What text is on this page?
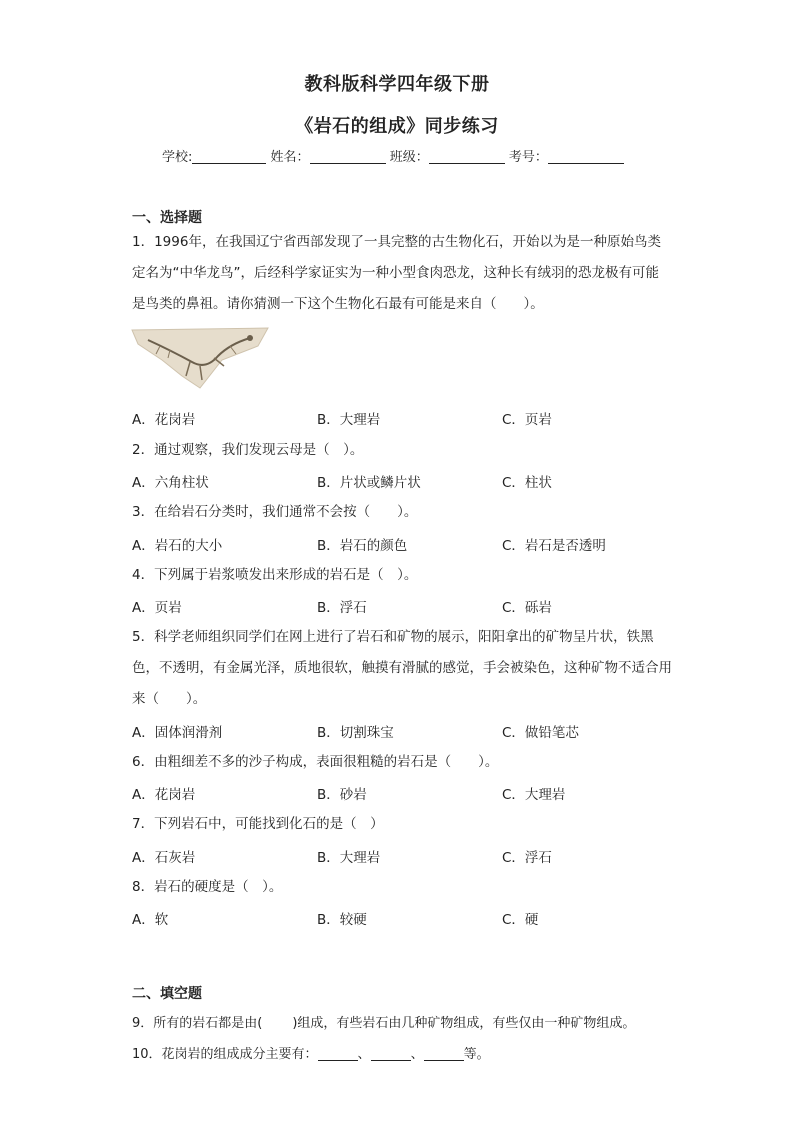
教科版科学四年级下册
《岩石的组成》同步练习
学校:	姓名：	班级：	考号：
一、选择题
1．1996年，在我国辽宁省西部发现了一具完整的古生物化石，开始以为是一种原始鸟类定名为“中华龙鸟”，后经科学家证实为一种小型食肉恐龙，这种长有绒羽的恐龙极有可能是鸟类的鼻祖。请你猜测一下这个生物化石最有可能是来自（　　）。
A．花岗岩	B．大理岩	C．页岩
2．通过观察，我们发现云母是（　）。
A．六角柱状	B．片状或鳞片状	C．柱状
3．在给岩石分类时，我们通常不会按（　　）。
A．岩石的大小	B．岩石的颜色	C．岩石是否透明
4．下列属于岩浆喷发出来形成的岩石是（　）。
A．页岩	B．浮石	C．砾岩
5．科学老师组织同学们在网上进行了岩石和矿物的展示，阳阳拿出的矿物呈片状，铁黑色，不透明，有金属光泽，质地很软，触摸有滑腻的感觉，手会被染色，这种矿物不适合用来（　　）。
A．固体润滑剂	B．切割珠宝	C．做铅笔芯
6．由粗细差不多的沙子构成，表面很粗糙的岩石是（　　）。
A．花岗岩	B．砂岩	C．大理岩
7．下列岩石中，可能找到化石的是（　）
A．石灰岩	B．大理岩	C．浮石
8．岩石的硬度是（　）。
A．软	B．较硬	C．硬
二、填空题
9．所有的岩石都是由( )组成，有些岩石由几种矿物组成，有些仅由一种矿物组成。
10．花岗岩的组成成分主要有：	、	、	等。
